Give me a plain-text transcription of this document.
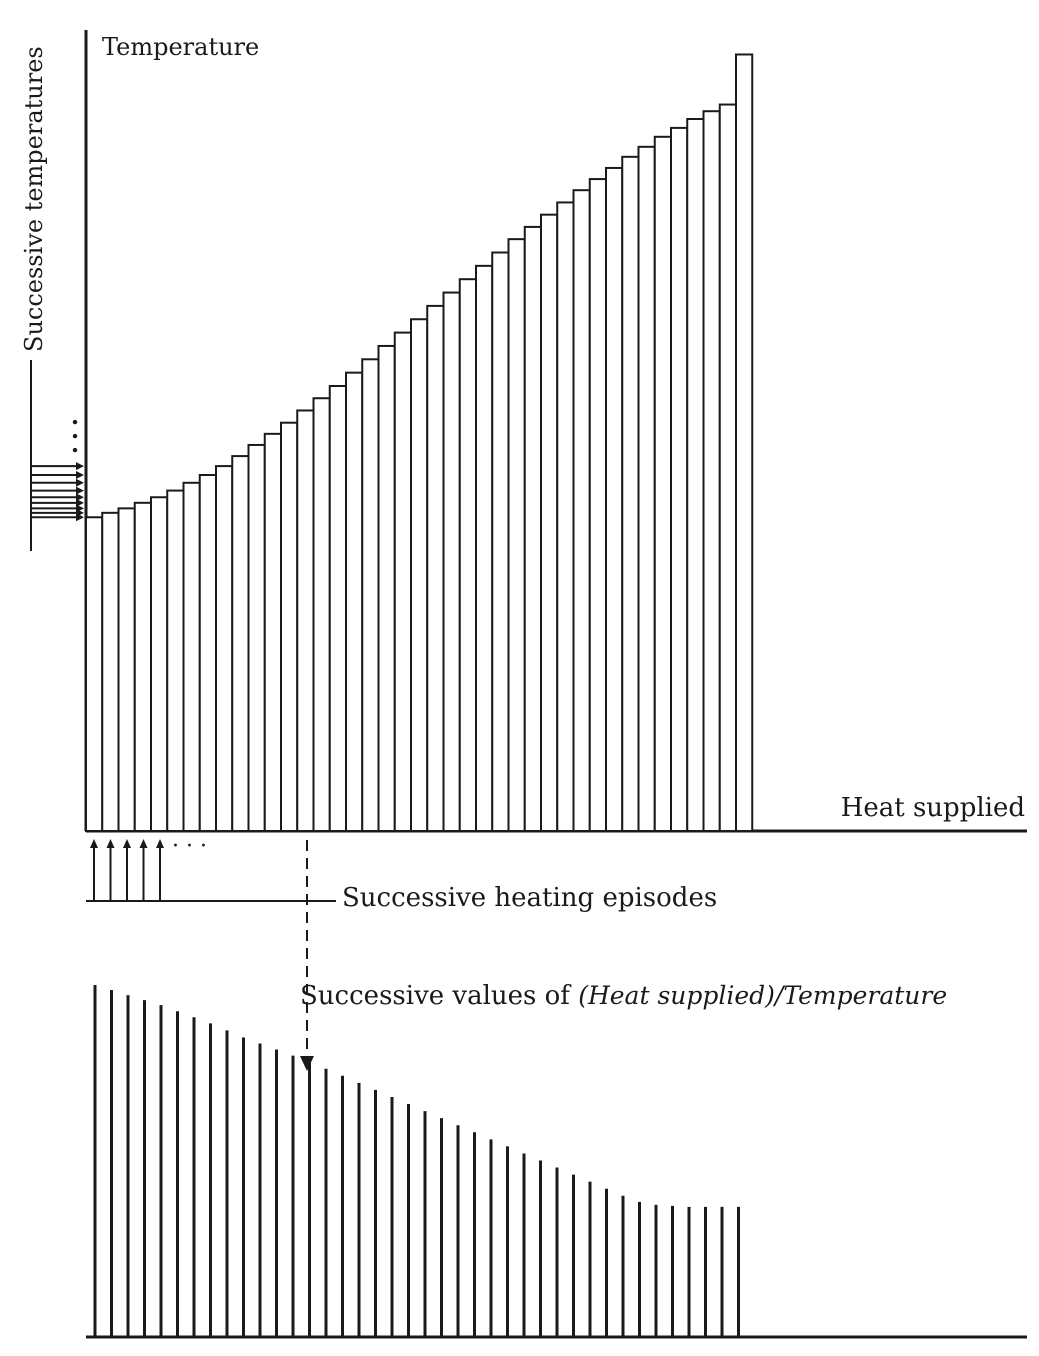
Temperature
Heat supplied
Successive temperatures
· · ·
Successive heating episodes
Successive values of (Heat supplied)/Temperature
